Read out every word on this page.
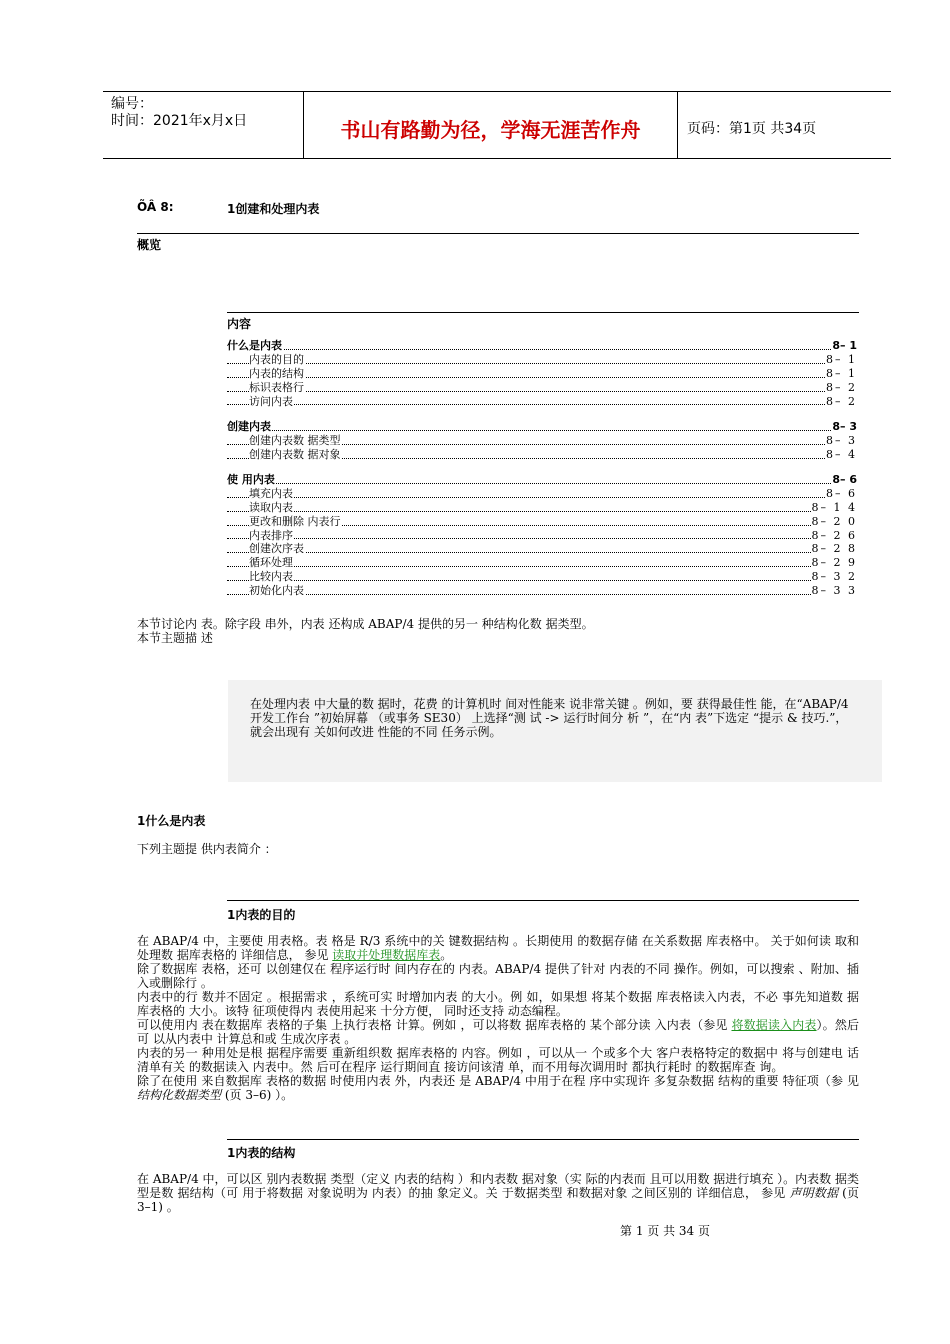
编号：
时间：2021年x月x日	书山有路勤为径，学海无涯苦作舟	页码：第1页 共34页
ÕÂ 8:	1创建和处理内表
概览
内容
什么是内表	8– 1
内表的目的	8– 1
内表的结构	8– 1
标识表格行	8– 2
访问内表	8– 2
创建内表	8– 3
创建内表数 据类型	8– 3
创建内表数 据对象	8– 4
使 用内表	8– 6
填充内表	8– 6
读取内表	8– 1 4
更改和删除 内表行	8– 2 0
内表排序	8– 2 6
创建次序表	8– 2 8
循环处理	8– 2 9
比较内表	8– 3 2
初始化内表	8– 3 3
本节讨论内 表。除字段 串外，内表 还构成 ABAP/4 提供的另一 种结构化数 据类型。
本节主题描 述
在处理内表 中大量的数 据时，花费 的计算机时 间对性能来 说非常关键 。例如，要 获得最佳性 能，在“ABAP/4 开发工作台 ”初始屏幕 （或事务 SE30） 上选择“测 试 -> 运行时间分 析 ”，在“内 表”下选定 “提示 & 技巧.”， 就会出现有 关如何改进 性能的不同 任务示例。
1什么是内表
下列主题提 供内表简介 ：
1内表的目的
在 ABAP/4 中，主要使 用表格。表 格是 R/3 系统中的关 键数据结构 。长期使用 的数据存储 在关系数据 库表格中。 关于如何读 取和处理数 据库表格的 详细信息， 参见 读取并处理数据库表。
除了数据库 表格，还可 以创建仅在 程序运行时 间内存在的 内表。ABAP/4 提供了针对 内表的不同 操作。例如，可以搜索 、附加、插 入或删除行 。
内表中的行 数并不固定 。根据需求 ，系统可实 时增加内表 的大小。例 如，如果想 将某个数据 库表格读入内表，不必 事先知道数 据库表格的 大小。该特 征项使得内 表使用起来 十分方便， 同时还支持 动态编程。
可以使用内 表在数据库 表格的子集 上执行表格 计算。例如 ，可以将数 据库表格的 某个部分读 入内表（参见 将数据读入内表）。然后可 以从内表中 计算总和或 生成次序表 。
内表的另一 种用处是根 据程序需要 重新组织数 据库表格的 内容。例如 ，可以从一 个或多个大 客户表格特定的数据中 将与创建电 话清单有关 的数据读入 内表中。然 后可在程序 运行期间直 接访问该清 单，而不用每次调用时 都执行耗时 的数据库查 询。
除了在使用 来自数据库 表格的数据 时使用内表 外，内表还 是 ABAP/4 中用于在程 序中实现许 多复杂数据 结构的重要 特征项（参 见 结构化数据类型 (页 3–6) ）。
1内表的结构
在 ABAP/4 中，可以区 别内表数据 类型（定义 内表的结构 ）和内表数 据对象（实 际的内表而 且可以用数 据进行填充 ）。内表数 据类型是数 据结构（可 用于将数据 对象说明为 内表）的抽 象定义。关 于数据类型 和数据对象 之间区别的 详细信息， 参见 声明数据 (页 3–1) 。
第 1 页 共 34 页
